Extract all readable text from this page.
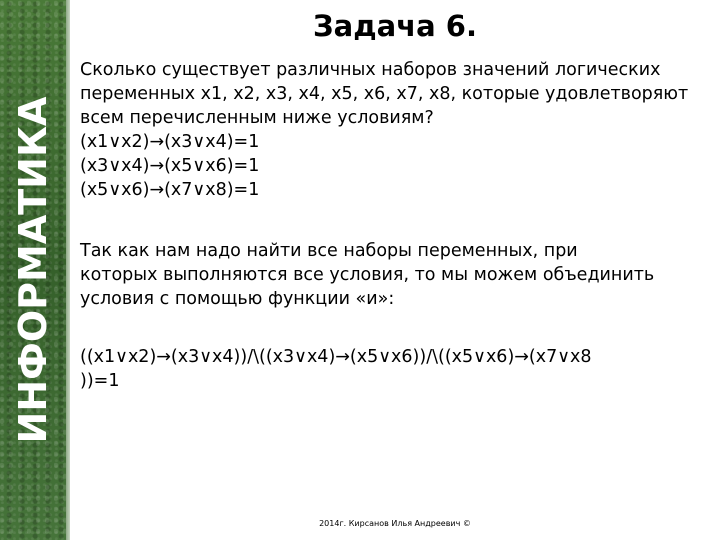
ИНФОРМАТИКА
Задача 6.
Сколько существует различных наборов значений логических
переменных x1, x2, x3, x4, x5, x6, x7, x8, которые удовлетворяют
всем перечисленным ниже условиям?
(x1∨x2)→(x3∨x4)=1
(x3∨x4)→(x5∨x6)=1
(x5∨x6)→(x7∨x8)=1
Так как нам надо найти все наборы переменных, при
которых выполняются все условия, то мы можем объединить
условия с помощью функции «и»:
((x1∨x2)→(x3∨x4))/\((x3∨x4)→(x5∨x6))/\((x5∨x6)→(x7∨x8
))=1
2014г. Кирсанов Илья Андреевич ©
